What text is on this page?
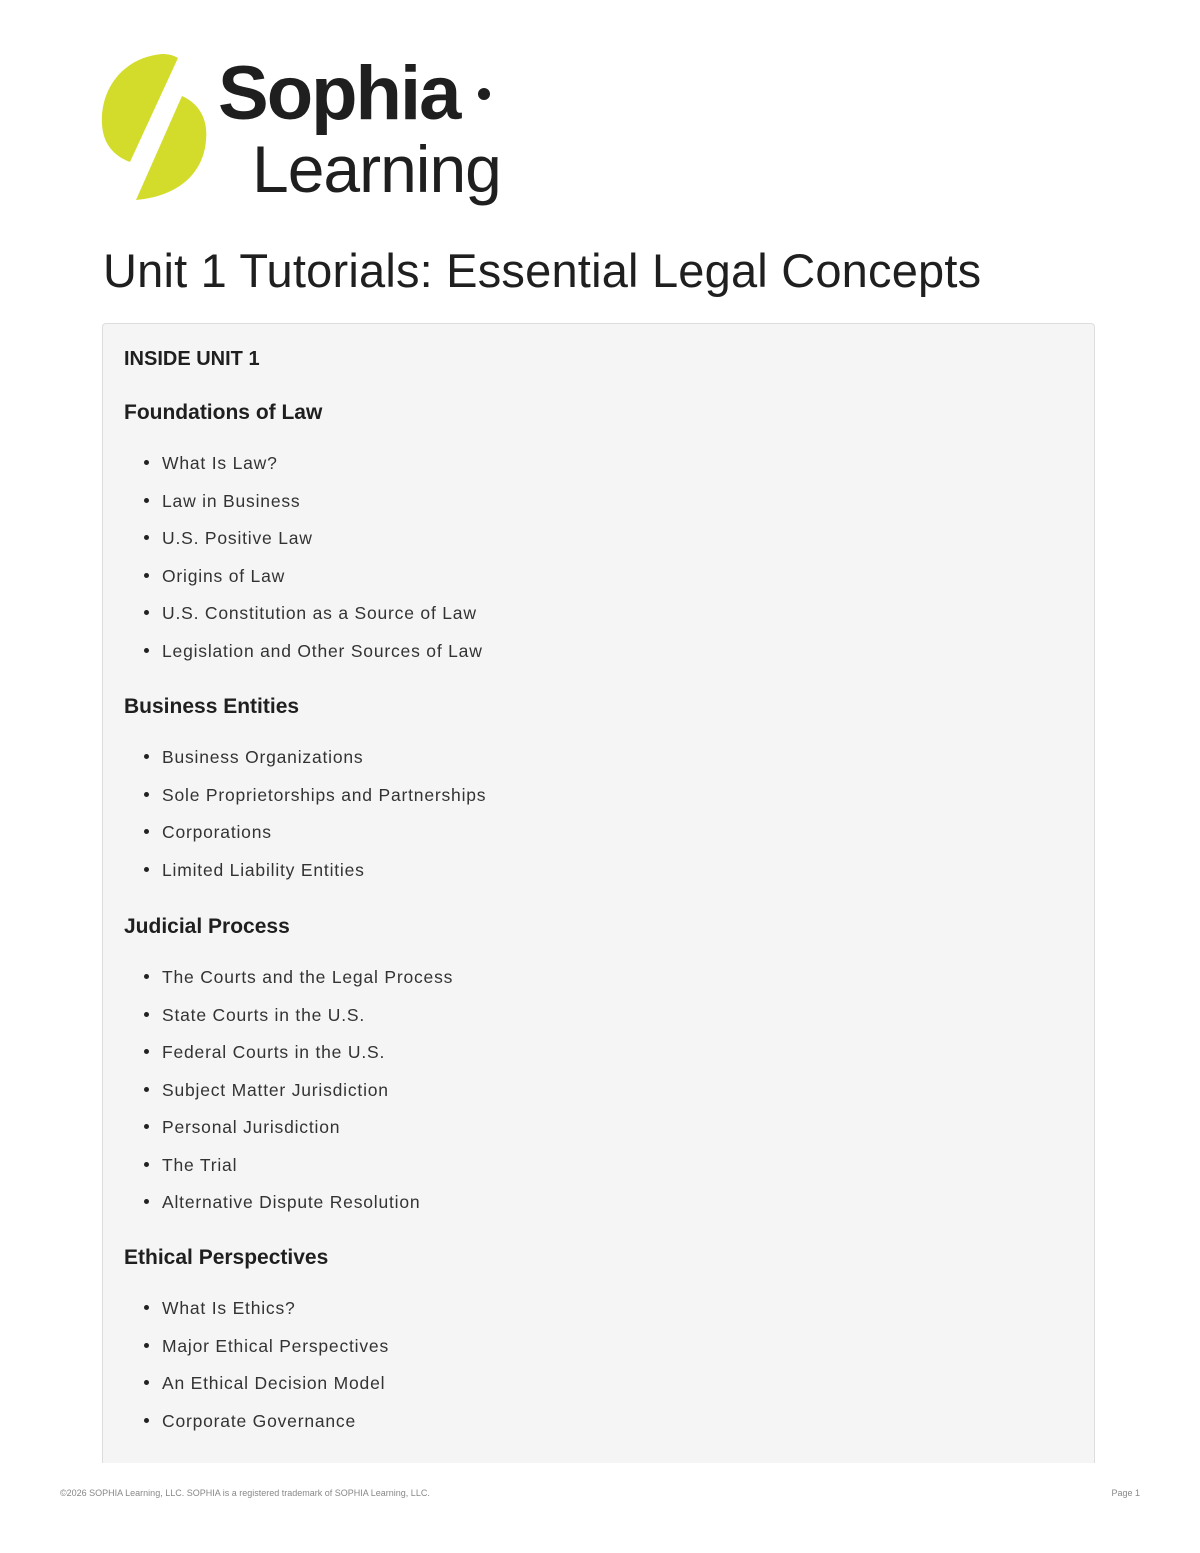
Sophia
Learning
Unit 1 Tutorials: Essential Legal Concepts
INSIDE UNIT 1
Foundations of Law
What Is Law?
Law in Business
U.S. Positive Law
Origins of Law
U.S. Constitution as a Source of Law
Legislation and Other Sources of Law
Business Entities
Business Organizations
Sole Proprietorships and Partnerships
Corporations
Limited Liability Entities
Judicial Process
The Courts and the Legal Process
State Courts in the U.S.
Federal Courts in the U.S.
Subject Matter Jurisdiction
Personal Jurisdiction
The Trial
Alternative Dispute Resolution
Ethical Perspectives
What Is Ethics?
Major Ethical Perspectives
An Ethical Decision Model
Corporate Governance
©2026 SOPHIA Learning, LLC. SOPHIA is a registered trademark of SOPHIA Learning, LLC.	Page 1
